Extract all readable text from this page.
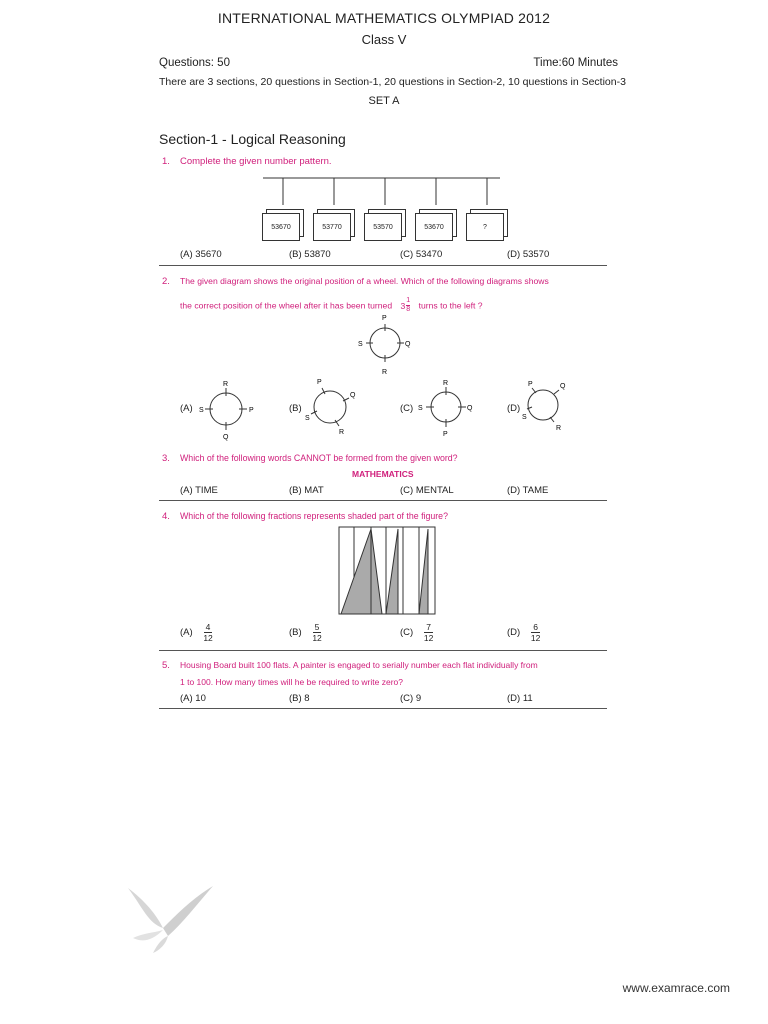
INTERNATIONAL MATHEMATICS OLYMPIAD 2012
Class V
Questions: 50	Time:60 Minutes
There are 3 sections, 20 questions in Section-1, 20 questions in Section-2, 10 questions in Section-3
SET A
Section-1 - Logical Reasoning
1. Complete the given number pattern.
53670	53770	53570	53670	?
(A) 35670	(B) 53870	(C) 53470	(D) 53570
2. The given diagram shows the original position of a wheel. Which of the following diagrams shows
the correct position of the wheel after it has been turned $3 \frac{1}{8}$ turns to the left ?
P
S	Q
R
(A)
R
S	P
Q
(B)
P
S
Q
R
(C)
R
S	Q
P
(D)
P
S
Q
R
3. Which of the following words CANNOT be formed from the given word?
MATHEMATICS
(A) TIME	(B) MAT	(C) MENTAL	(D) TAME
4. Which of the following fractions represents shaded part of the figure?
$(A) \frac{4}{12}$	$(B) \frac{5}{12}$	$(C) \frac{7}{12}$	$(D) \frac{6}{12}$
5. Housing Board built 100 flats. A painter is engaged to serially number each flat individually from
1 to 100. How many times will he be required to write zero?
(A) 10	(B) 8	(C) 9	(D) 11
www.examrace.com
